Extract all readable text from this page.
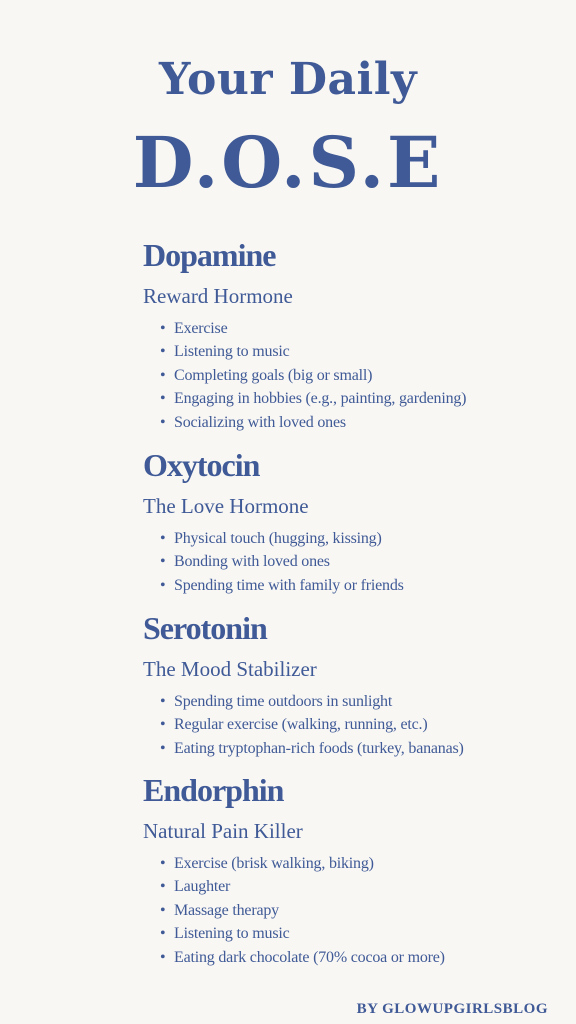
Your Daily
D.O.S.E
Dopamine
Reward Hormone
• Exercise
• Listening to music
• Completing goals (big or small)
• Engaging in hobbies (e.g., painting, gardening)
• Socializing with loved ones
Oxytocin
The Love Hormone
• Physical touch (hugging, kissing)
• Bonding with loved ones
• Spending time with family or friends
Serotonin
The Mood Stabilizer
• Spending time outdoors in sunlight
• Regular exercise (walking, running, etc.)
• Eating tryptophan-rich foods (turkey, bananas)
Endorphin
Natural Pain Killer
• Exercise (brisk walking, biking)
• Laughter
• Massage therapy
• Listening to music
• Eating dark chocolate (70% cocoa or more)
BY GLOWUPGIRLSBLOG
